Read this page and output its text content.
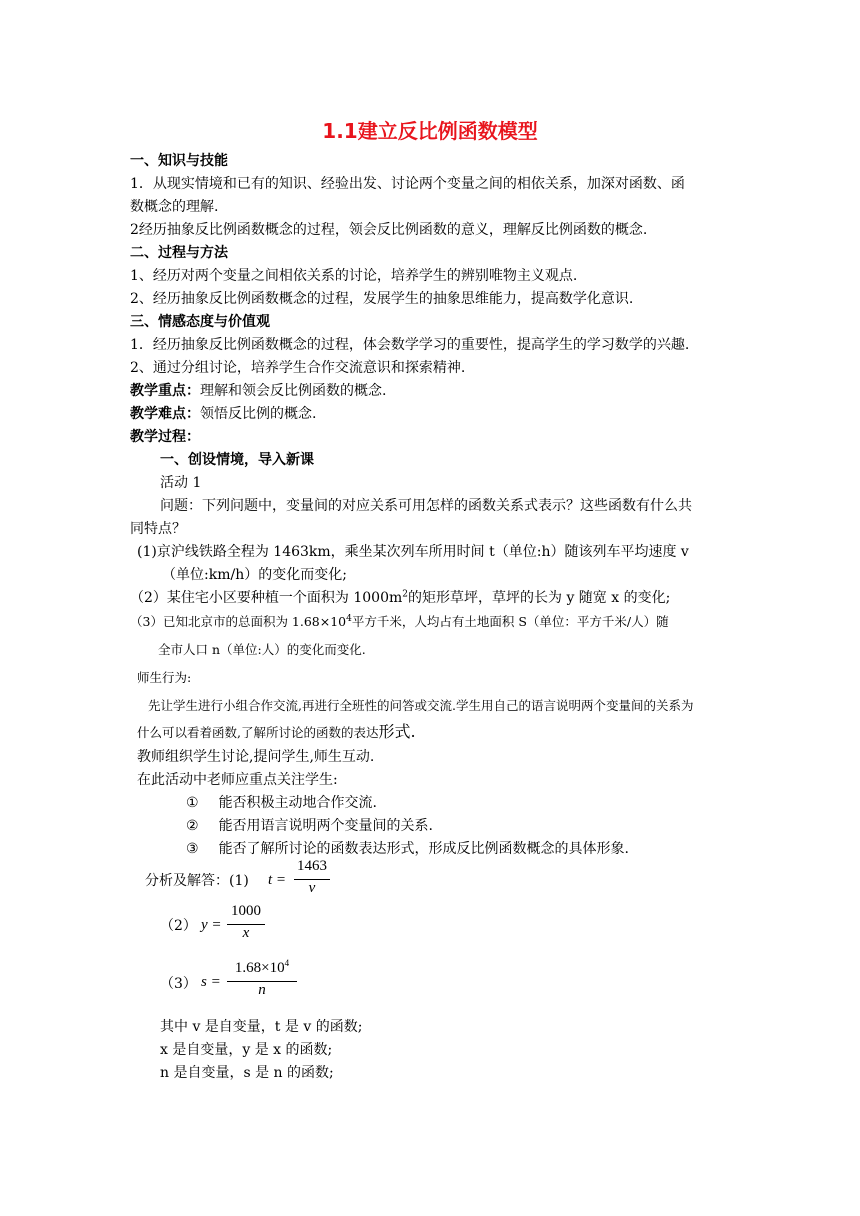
1.1建立反比例函数模型
一、知识与技能
1．从现实情境和已有的知识、经验出发、讨论两个变量之间的相依关系，加深对函数、函
数概念的理解.
2经历抽象反比例函数概念的过程，领会反比例函数的意义，理解反比例函数的概念.
二、过程与方法
1、经历对两个变量之间相依关系的讨论，培养学生的辨别唯物主义观点.
2、经历抽象反比例函数概念的过程，发展学生的抽象思维能力，提高数学化意识.
三、情感态度与价值观
1．经历抽象反比例函数概念的过程，体会数学学习的重要性，提高学生的学习数学的兴趣.
2、通过分组讨论，培养学生合作交流意识和探索精神.
教学重点：理解和领会反比例函数的概念.
教学难点：领悟反比例的概念.
教学过程：
一、创设情境，导入新课
活动 1
问题：下列问题中，变量间的对应关系可用怎样的函数关系式表示？这些函数有什么共
同特点？
(1)京沪线铁路全程为 1463km，乘坐某次列车所用时间 t（单位:h）随该列车平均速度 v
（单位:km/h）的变化而变化;
（2）某住宅小区要种植一个面积为 $1000m^2$的矩形草坪，草坪的长为 y 随宽 x 的变化;
（3）已知北京市的总面积为 $1.68\times 10^4$平方千米，人均占有土地面积 S（单位：平方千米/人）随
全市人口 n（单位:人）的变化而变化.
师生行为:
先让学生进行小组合作交流,再进行全班性的问答或交流.学生用自己的语言说明两个变量间的关系为
什么可以看着函数,了解所讨论的函数的表达形式.
教师组织学生讨论,提问学生,师生互动.
在此活动中老师应重点关注学生:
① 能否积极主动地合作交流.
② 能否用语言说明两个变量间的关系.
③ 能否了解所讨论的函数表达形式，形成反比例函数概念的具体形象.
分析及解答：(1) t =
1463
v
（2） y =
1000
x
（3） s =
$1.68\times 10^4$
n
其中 v 是自变量，t 是 v 的函数;
x 是自变量，y 是 x 的函数;
n 是自变量，s 是 n 的函数;
